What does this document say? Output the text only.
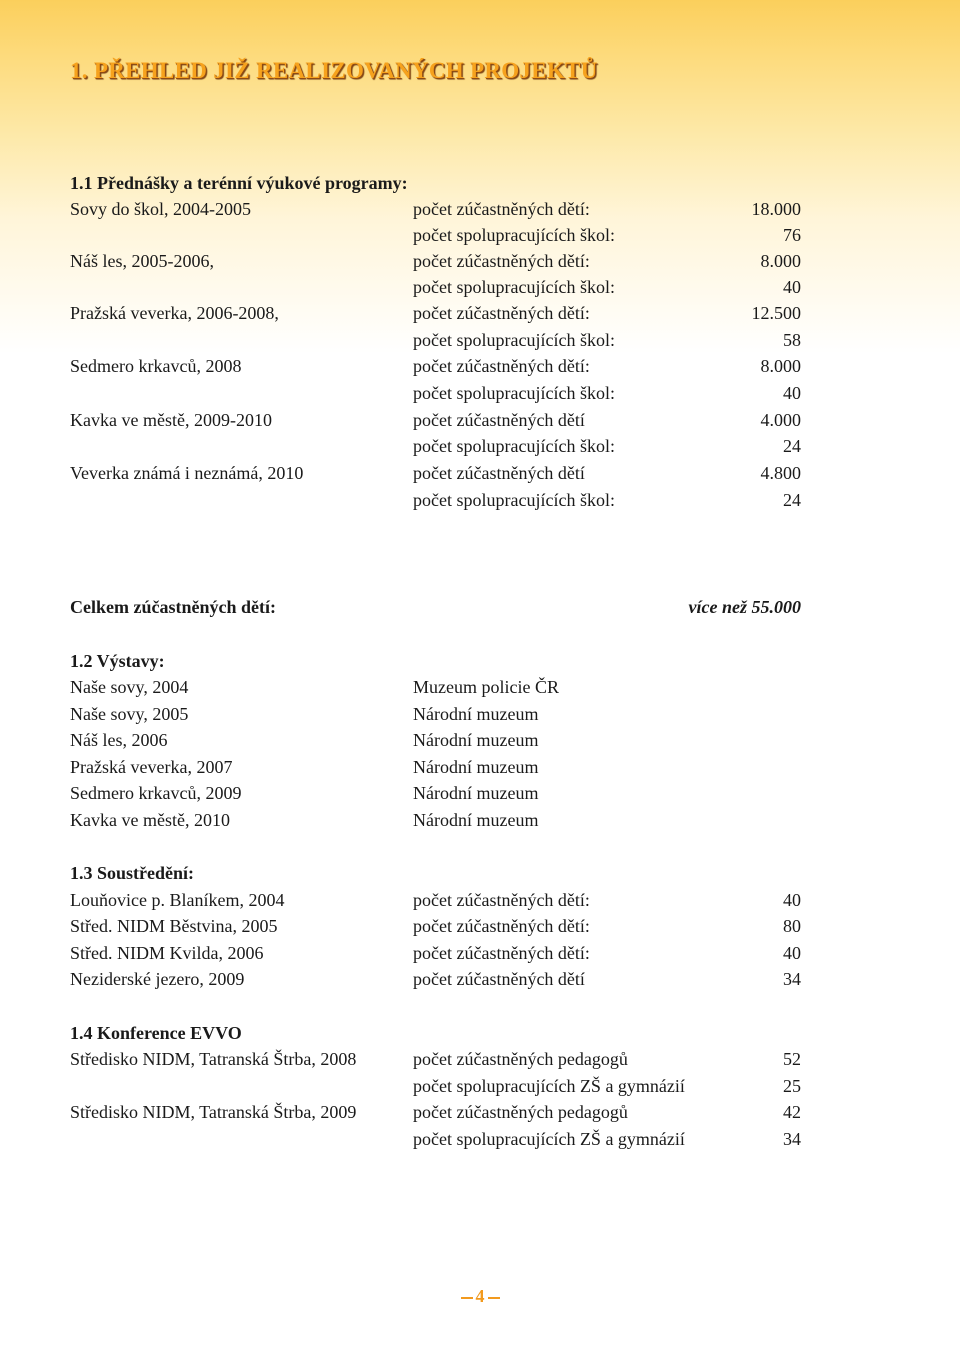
1. PŘEHLED JIŽ REALIZOVANÝCH PROJEKTŮ
1.1 Přednášky a terénní výukové programy:
Sovy do škol, 2004-2005	počet zúčastněných dětí:	18.000
počet spolupracujících škol:	76
Náš les, 2005-2006,	počet zúčastněných dětí:	8.000
počet spolupracujících škol:	40
Pražská veverka, 2006-2008,	počet zúčastněných dětí:	12.500
počet spolupracujících škol:	58
Sedmero krkavců, 2008	počet zúčastněných dětí:	8.000
počet spolupracujících škol:	40
Kavka ve městě, 2009-2010	počet zúčastněných dětí	4.000
počet spolupracujících škol:	24
Veverka známá i neznámá, 2010	počet zúčastněných dětí	4.800
počet spolupracujících škol:	24
Celkem zúčastněných dětí:	více než 55.000
1.2 Výstavy:
Naše sovy, 2004	Muzeum policie ČR
Naše sovy, 2005	Národní muzeum
Náš les, 2006	Národní muzeum
Pražská veverka, 2007	Národní muzeum
Sedmero krkavců, 2009	Národní muzeum
Kavka ve městě, 2010	Národní muzeum
1.3 Soustředění:
Louňovice p. Blaníkem, 2004	počet zúčastněných dětí:	40
Střed. NIDM Běstvina, 2005	počet zúčastněných dětí:	80
Střed. NIDM Kvilda, 2006	počet zúčastněných dětí:	40
Neziderské jezero, 2009	počet zúčastněných dětí	34
1.4 Konference EVVO
Středisko NIDM, Tatranská Štrba, 2008	počet zúčastněných pedagogů	52
počet spolupracujících ZŠ a gymnázií	25
Středisko NIDM, Tatranská Štrba, 2009	počet zúčastněných pedagogů	42
počet spolupracujících ZŠ a gymnázií	34
4
